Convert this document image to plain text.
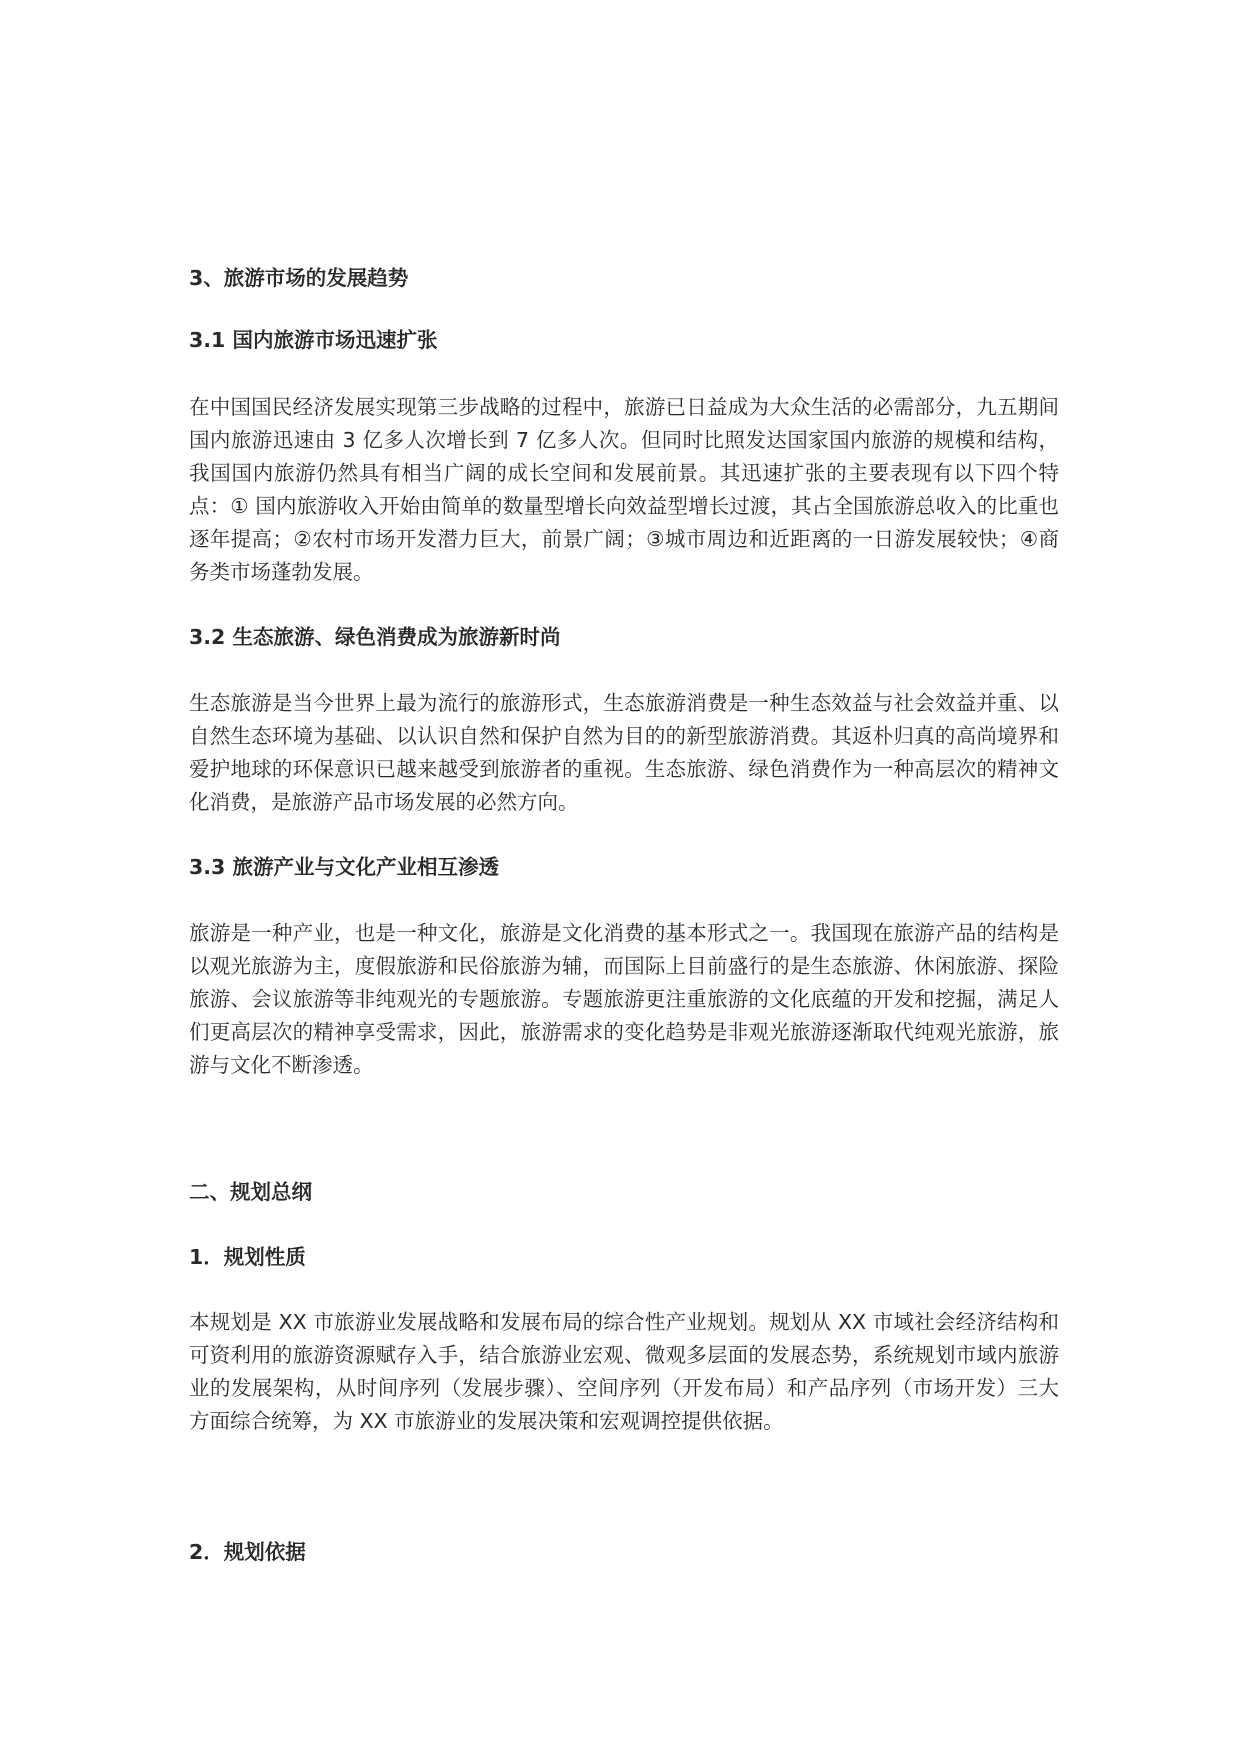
3、旅游市场的发展趋势
3.1 国内旅游市场迅速扩张

在中国国民经济发展实现第三步战略的过程中，旅游已日益成为大众生活的必需部分，九五期间国内旅游迅速由 3 亿多人次增长到 7 亿多人次。但同时比照发达国家国内旅游的规模和结构，我国国内旅游仍然具有相当广阔的成长空间和发展前景。其迅速扩张的主要表现有以下四个特点：① 国内旅游收入开始由简单的数量型增长向效益型增长过渡，其占全国旅游总收入的比重也逐年提高；②农村市场开发潜力巨大，前景广阔；③城市周边和近距离的一日游发展较快；④商务类市场蓬勃发展。

3.2 生态旅游、绿色消费成为旅游新时尚

生态旅游是当今世界上最为流行的旅游形式，生态旅游消费是一种生态效益与社会效益并重、以自然生态环境为基础、以认识自然和保护自然为目的的新型旅游消费。其返朴归真的高尚境界和爱护地球的环保意识已越来越受到旅游者的重视。生态旅游、绿色消费作为一种高层次的精神文化消费，是旅游产品市场发展的必然方向。

3.3 旅游产业与文化产业相互渗透

旅游是一种产业，也是一种文化，旅游是文化消费的基本形式之一。我国现在旅游产品的结构是以观光旅游为主，度假旅游和民俗旅游为辅，而国际上目前盛行的是生态旅游、休闲旅游、探险旅游、会议旅游等非纯观光的专题旅游。专题旅游更注重旅游的文化底蕴的开发和挖掘，满足人们更高层次的精神享受需求，因此，旅游需求的变化趋势是非观光旅游逐渐取代纯观光旅游，旅游与文化不断渗透。

二、规划总纲
1．规划性质

本规划是 XX 市旅游业发展战略和发展布局的综合性产业规划。规划从 XX 市域社会经济结构和可资利用的旅游资源赋存入手，结合旅游业宏观、微观多层面的发展态势，系统规划市域内旅游业的发展架构，从时间序列（发展步骤）、空间序列（开发布局）和产品序列（市场开发）三大方面综合统筹，为 XX 市旅游业的发展决策和宏观调控提供依据。

2．规划依据
